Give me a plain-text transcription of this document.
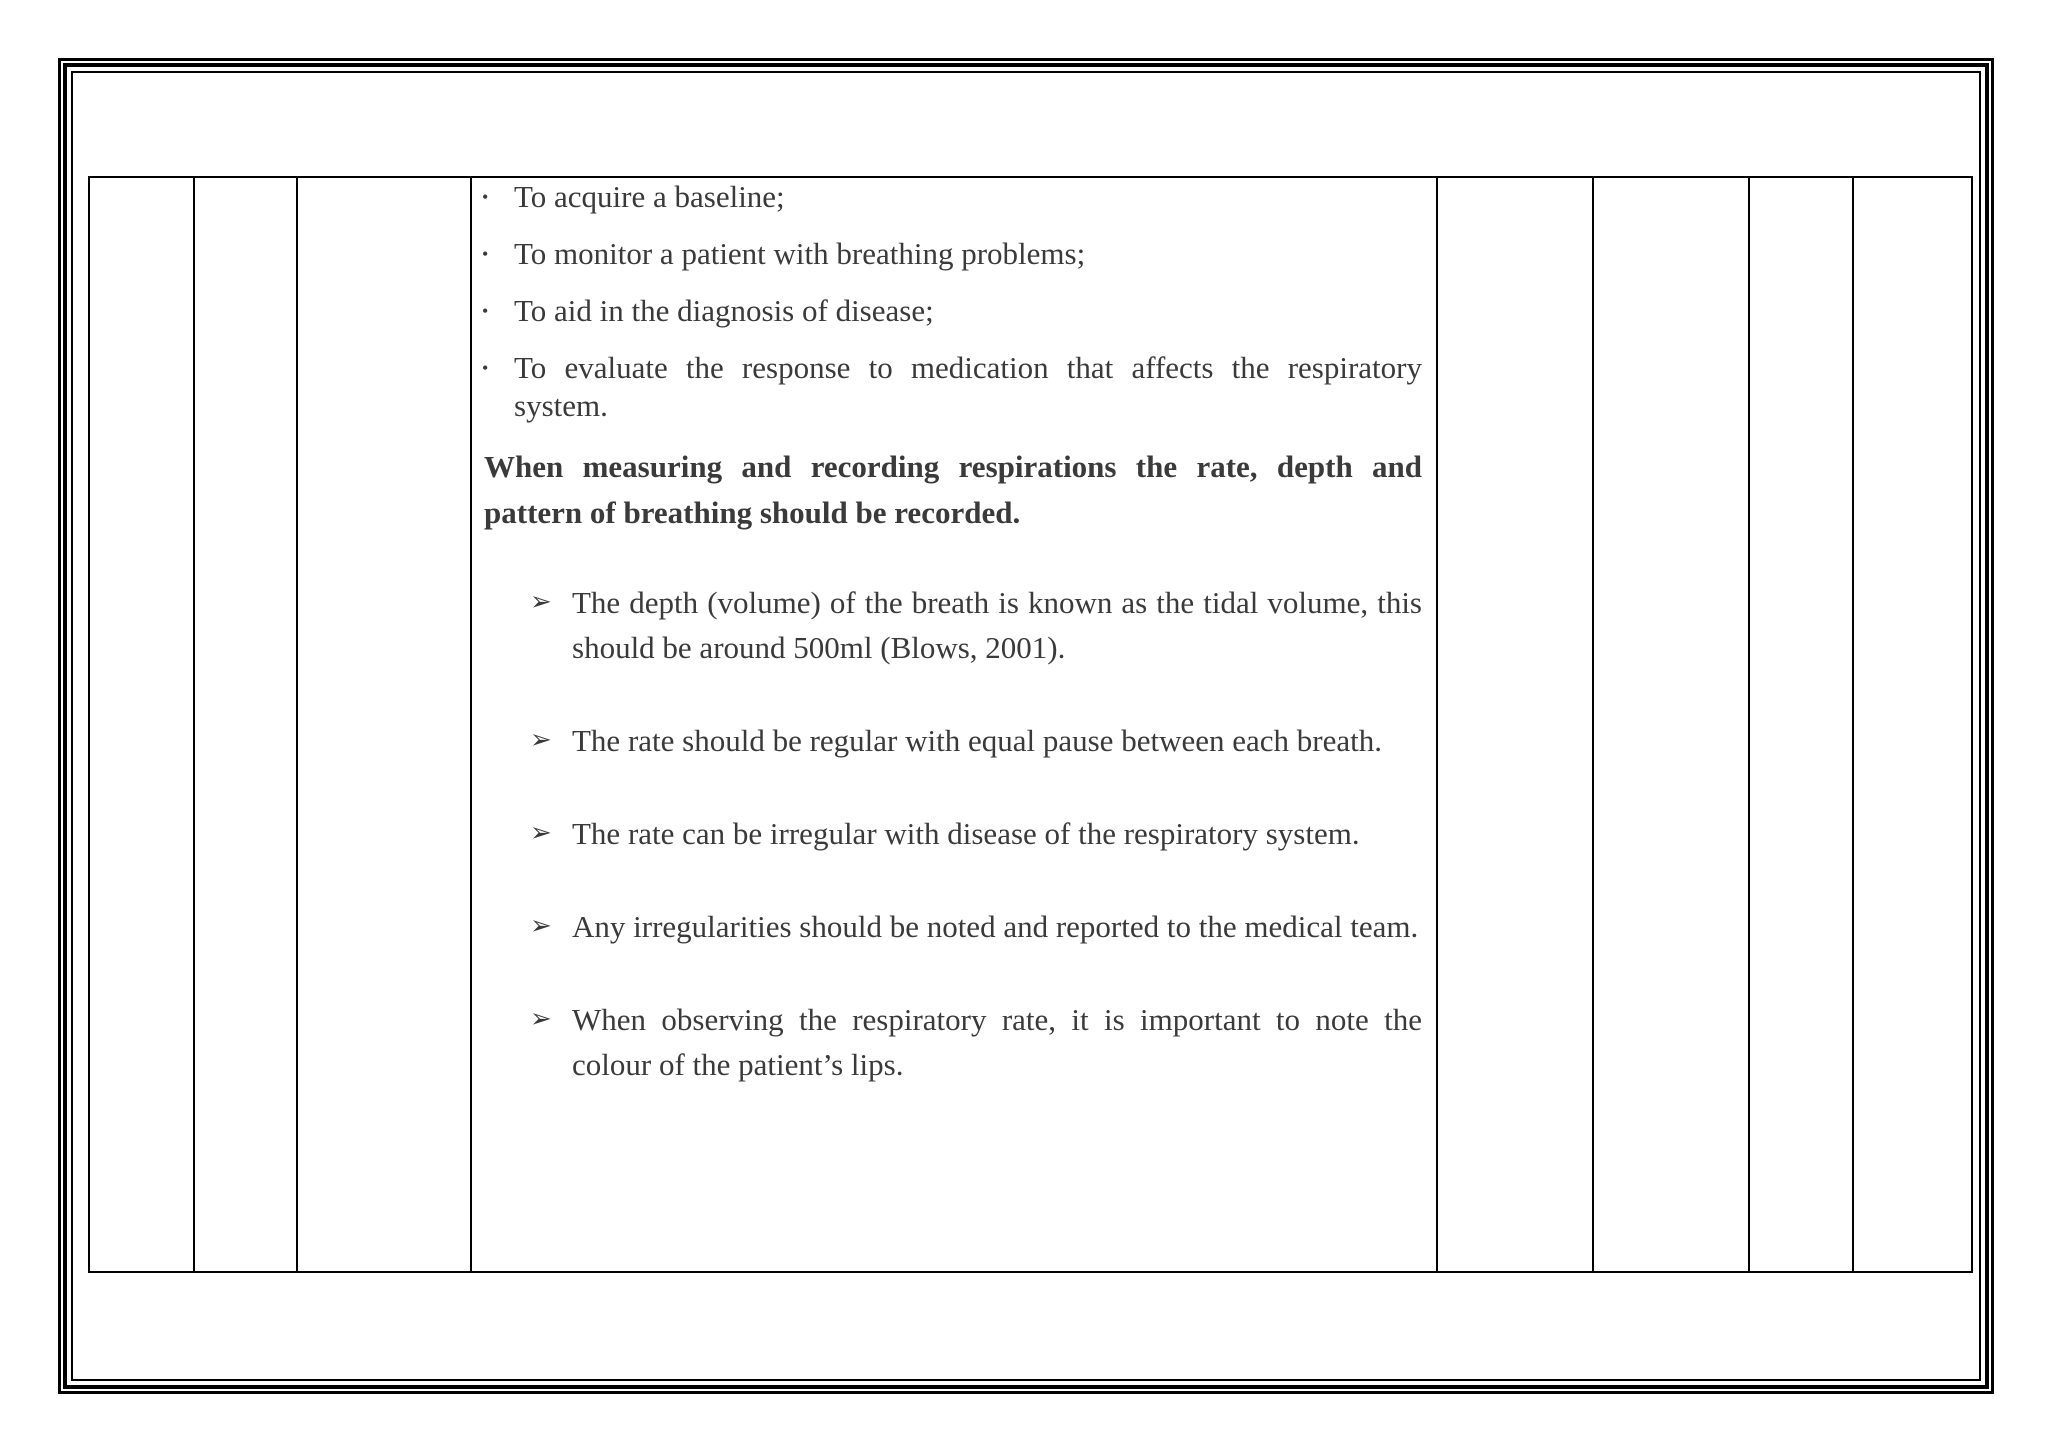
• To acquire a baseline;
• To monitor a patient with breathing problems;
• To aid in the diagnosis of disease;
• To evaluate the response to medication that affects the respiratory system.

When measuring and recording respirations the rate, depth and pattern of breathing should be recorded.

➢ The depth (volume) of the breath is known as the tidal volume, this should be around 500ml (Blows, 2001).
➢ The rate should be regular with equal pause between each breath.
➢ The rate can be irregular with disease of the respiratory system.
➢ Any irregularities should be noted and reported to the medical team.
➢ When observing the respiratory rate, it is important to note the colour of the patient’s lips.
